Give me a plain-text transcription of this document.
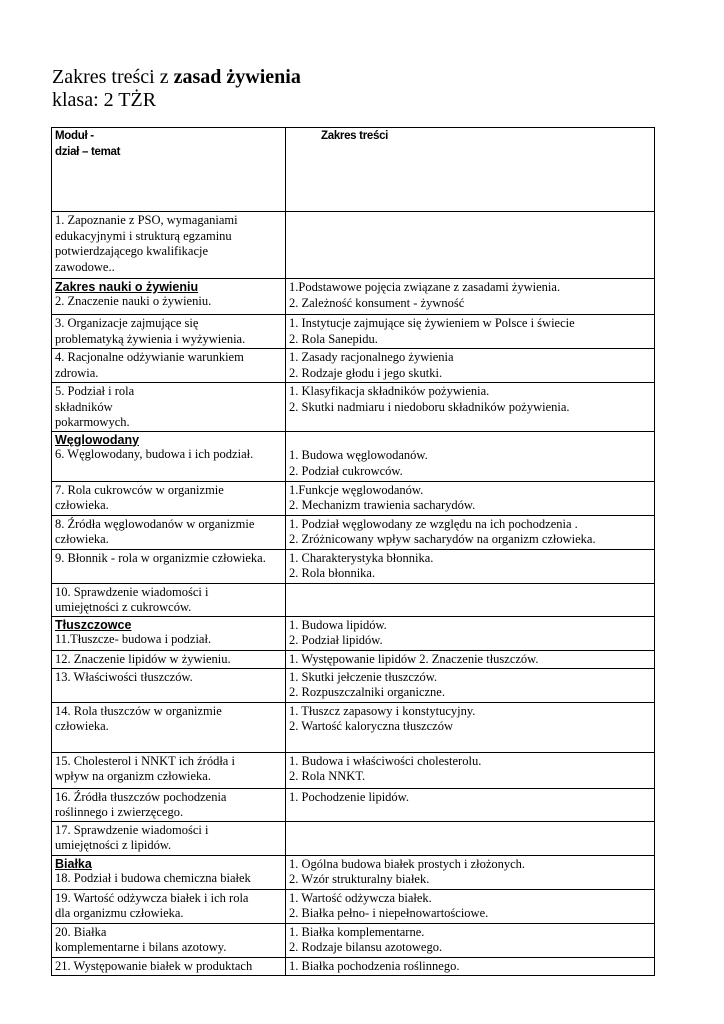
Zakres treści z zasad żywienia
klasa: 2 TŻR
Moduł -
dział – temat	Zakres treści

1. Zapoznanie z PSO, wymaganiami
edukacyjnymi i strukturą egzaminu
potwierdzającego kwalifikacje
zawodowe..	

Zakres nauki o żywieniu
2. Znaczenie nauki o żywieniu.	1.Podstawowe pojęcia związane z zasadami żywienia.
2. Zależność konsument - żywność

3. Organizacje zajmujące się
problematyką żywienia i wyżywienia.	1. Instytucje zajmujące się żywieniem w Polsce i świecie
2. Rola Sanepidu.

4. Racjonalne odżywianie warunkiem
zdrowia.	1. Zasady racjonalnego żywienia
2. Rodzaje głodu i jego skutki.

5. Podział i rola
składników
pokarmowych.	1. Klasyfikacja składników pożywienia.
2. Skutki nadmiaru i niedoboru składników pożywienia.

Węglowodany
6. Węglowodany, budowa i ich podział.	1. Budowa węglowodanów.
2. Podział cukrowców.

7. Rola cukrowców w organizmie
człowieka.	1.Funkcje węglowodanów.
2. Mechanizm trawienia sacharydów.

8. Źródła węglowodanów w organizmie
człowieka.	1. Podział węglowodany ze względu na ich pochodzenia .
2. Zróżnicowany wpływ sacharydów na organizm człowieka.

9. Błonnik - rola w organizmie człowieka.	1. Charakterystyka błonnika.
2. Rola błonnika.

10. Sprawdzenie wiadomości i
umiejętności z cukrowców.	

Tłuszczowce
11.Tłuszcze- budowa i podział.	1. Budowa lipidów.
2. Podział lipidów.

12. Znaczenie lipidów w żywieniu.	1. Występowanie lipidów 2. Znaczenie tłuszczów.

13. Właściwości tłuszczów.	1. Skutki jełczenie tłuszczów.
2. Rozpuszczalniki organiczne.

14. Rola tłuszczów w organizmie
człowieka.	1. Tłuszcz zapasowy i konstytucyjny.
2. Wartość kaloryczna tłuszczów

15. Cholesterol i NNKT ich źródła i
wpływ na organizm człowieka.	1. Budowa i właściwości cholesterolu.
2. Rola NNKT.

16. Źródła tłuszczów pochodzenia
roślinnego i zwierzęcego.	1. Pochodzenie lipidów.

17. Sprawdzenie wiadomości i
umiejętności z lipidów.	

Białka
18. Podział i budowa chemiczna białek	1. Ogólna budowa białek prostych i złożonych.
2. Wzór strukturalny białek.

19. Wartość odżywcza białek i ich rola
dla organizmu człowieka.	1. Wartość odżywcza białek.
2. Białka pełno- i niepełnowartościowe.

20. Białka
komplementarne i bilans azotowy.	1. Białka komplementarne.
2. Rodzaje bilansu azotowego.

21. Występowanie białek w produktach	1. Białka pochodzenia roślinnego.
